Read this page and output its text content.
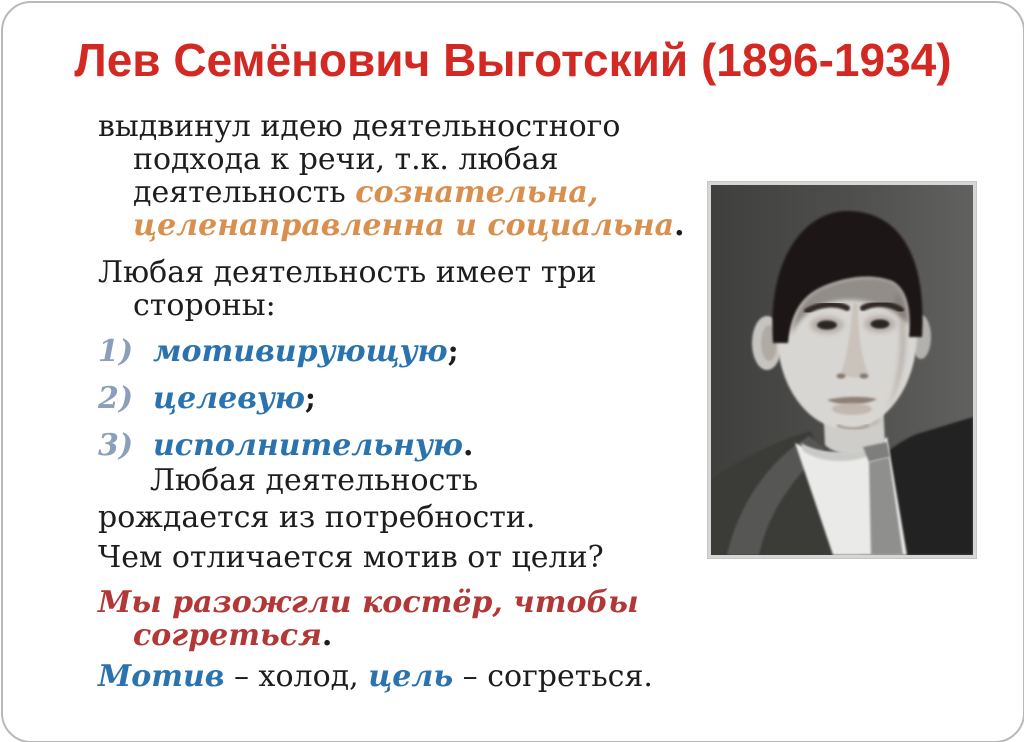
Лев Семёнович Выготский (1896-1934)
выдвинул идею деятельностного
подхода к речи, т.к. любая
деятельность сознательна,
целенаправленна и социальна.
Любая деятельность имеет три
стороны:
1) мотивирующую;
2) целевую;
3) исполнительную.
Любая деятельность
рождается из потребности.
Чем отличается мотив от цели?
Мы разожгли костёр, чтобы
согреться.
Мотив – холод, цель – согреться.
